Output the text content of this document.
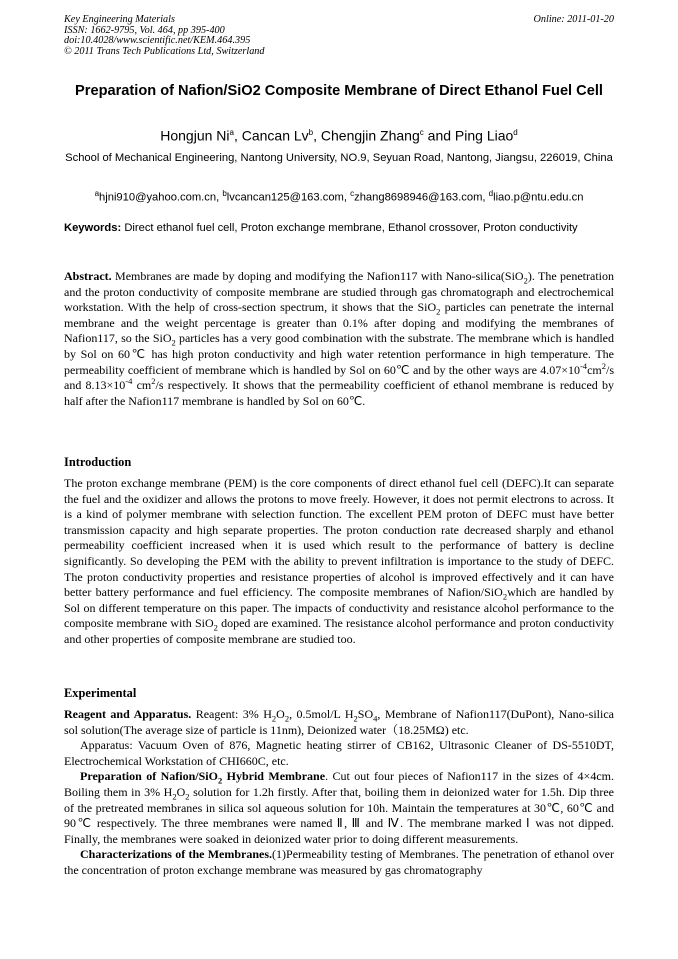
Key Engineering Materials
ISSN: 1662-9795, Vol. 464, pp 395-400
doi:10.4028/www.scientific.net/KEM.464.395
© 2011 Trans Tech Publications Ltd, Switzerland
Online: 2011-01-20
Preparation of Nafion/SiO2 Composite Membrane of Direct Ethanol Fuel Cell
Hongjun Ni$^a$, Cancan Lv$^b$, Chengjin Zhang$^c$ and Ping Liao$^d$
School of Mechanical Engineering, Nantong University, NO.9, Seyuan Road, Nantong, Jiangsu, 226019, China
$^a$hjni910@yahoo.com.cn, $^b$lvcancan125@163.com, $^c$zhang8698946@163.com, $^d$liao.p@ntu.edu.cn
Keywords: Direct ethanol fuel cell, Proton exchange membrane, Ethanol crossover, Proton conductivity
Abstract. Membranes are made by doping and modifying the Nafion117 with Nano-silica(SiO$_2$). The penetration and the proton conductivity of composite membrane are studied through gas chromatograph and electrochemical workstation. With the help of cross-section spectrum, it shows that the SiO$_2$ particles can penetrate the internal membrane and the weight percentage is greater than 0.1% after doping and modifying the membranes of Nafion117, so the SiO$_2$ particles has a very good combination with the substrate. The membrane which is handled by Sol on 60℃ has high proton conductivity and high water retention performance in high temperature. The permeability coefficient of membrane which is handled by Sol on 60℃ and by the other ways are $4.07\times 10^{-4}cm^2/s$ and $8.13\times 10^{-4}$ $cm^2/s$ respectively. It shows that the permeability coefficient of ethanol membrane is reduced by half after the Nafion117 membrane is handled by Sol on 60℃.
Introduction
The proton exchange membrane (PEM) is the core components of direct ethanol fuel cell (DEFC).It can separate the fuel and the oxidizer and allows the protons to move freely. However, it does not permit electrons to across. It is a kind of polymer membrane with selection function. The excellent PEM proton of DEFC must have better transmission capacity and high separate properties. The proton conduction rate decreased sharply and ethanol permeability coefficient increased when it is used which result to the performance of battery is decline significantly. So developing the PEM with the ability to prevent infiltration is importance to the study of DEFC. The proton conductivity properties and resistance properties of alcohol is improved effectively and it can have better battery performance and fuel efficiency. The composite membranes of Nafion/SiO$_2$which are handled by Sol on different temperature on this paper. The impacts of conductivity and resistance alcohol performance to the composite membrane with SiO$_2$ doped are examined. The resistance alcohol performance and proton conductivity and other properties of composite membrane are studied too.
Experimental

Reagent and Apparatus. Reagent: 3% $H_2O_2$, 0.5mol/L $H_2SO_4$, Membrane of Nafion117(DuPont), Nano-silica sol solution(The average size of particle is 11nm), Deionized water（18.25MΩ) etc.

Apparatus: Vacuum Oven of 876, Magnetic heating stirrer of CB162, Ultrasonic Cleaner of DS-5510DT, Electrochemical Workstation of CHI660C, etc.

Preparation of Nafion/SiO$_2$ Hybrid Membrane. Cut out four pieces of Nafion117 in the sizes of 4×4cm. Boiling them in 3% $H_2O_2$ solution for 1.2h firstly. After that, boiling them in deionized water for 1.5h. Dip three of the pretreated membranes in silica sol aqueous solution for 10h. Maintain the temperatures at 30℃, 60℃ and 90℃ respectively. The three membranes were named Ⅱ, Ⅲ and Ⅳ. The membrane marked Ⅰ was not dipped. Finally, the membranes were soaked in deionized water prior to doing different measurements.

Characterizations of the Membranes.(1)Permeability testing of Membranes. The penetration of ethanol over the concentration of proton exchange membrane was measured by gas chromatography
